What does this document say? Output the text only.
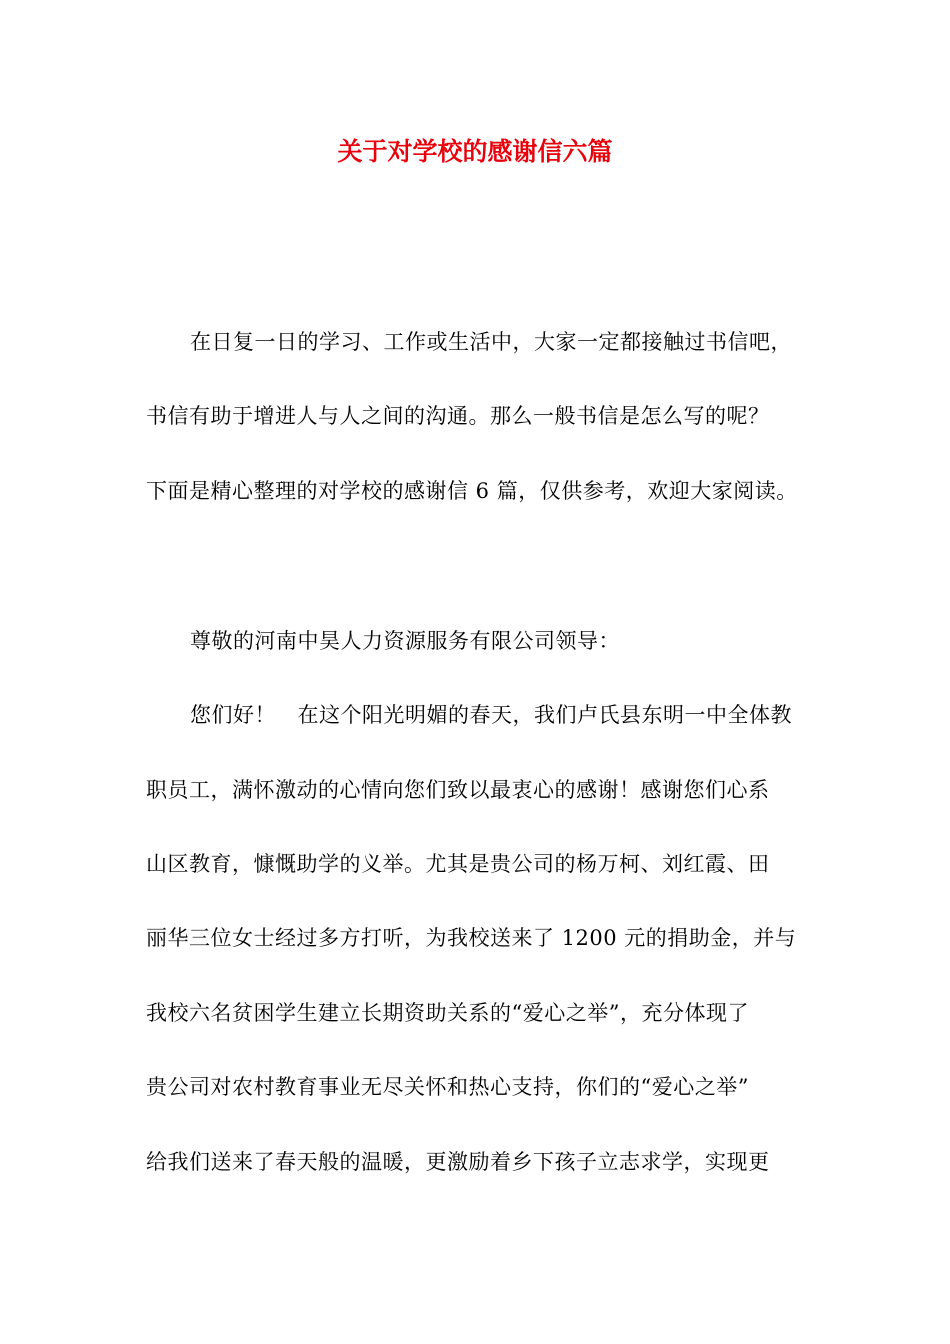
关于对学校的感谢信六篇
在日复一日的学习、工作或生活中，大家一定都接触过书信吧，
书信有助于增进人与人之间的沟通。那么一般书信是怎么写的呢？
下面是精心整理的对学校的感谢信 6 篇，仅供参考，欢迎大家阅读。
尊敬的河南中昊人力资源服务有限公司领导：
您们好！　在这个阳光明媚的春天，我们卢氏县东明一中全体教
职员工，满怀激动的心情向您们致以最衷心的感谢！感谢您们心系
山区教育，慷慨助学的义举。尤其是贵公司的杨万柯、刘红霞、田
丽华三位女士经过多方打听，为我校送来了 1200 元的捐助金，并与
我校六名贫困学生建立长期资助关系的“爱心之举”，充分体现了
贵公司对农村教育事业无尽关怀和热心支持，你们的“爱心之举”
给我们送来了春天般的温暖，更激励着乡下孩子立志求学，实现更
